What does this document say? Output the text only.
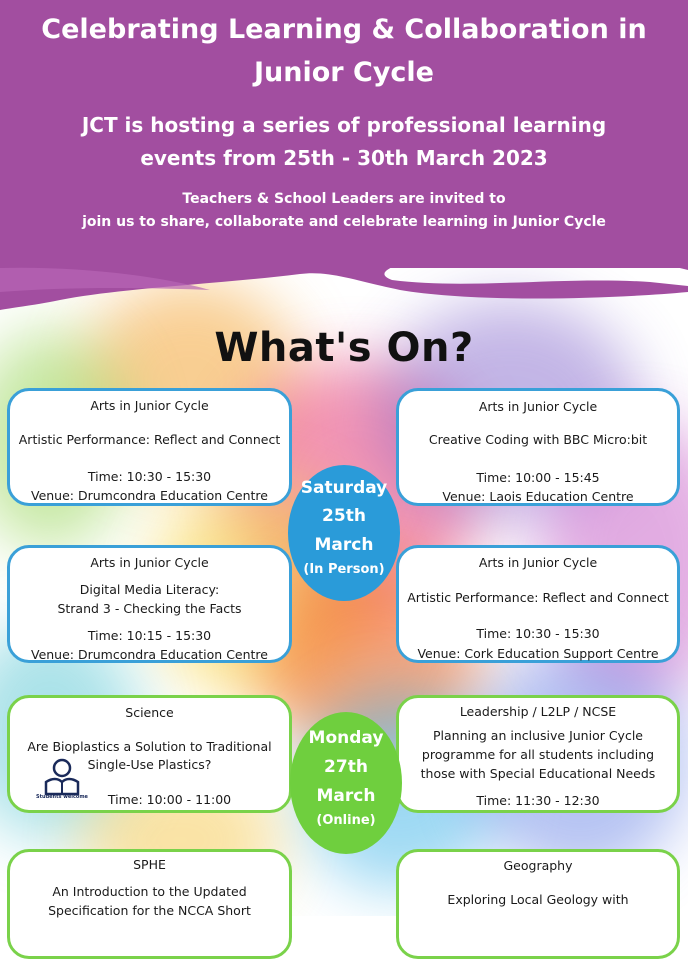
Celebrating Learning & Collaboration in
Junior Cycle
JCT is hosting a series of professional learning
events from 25th - 30th March 2023
Teachers & School Leaders are invited to
join us to share, collaborate and celebrate learning in Junior Cycle
What's On?
Arts in Junior Cycle
Artistic Performance: Reflect and Connect
Time: 10:30 - 15:30
Venue: Drumcondra Education Centre
Arts in Junior Cycle
Creative Coding with BBC Micro:bit
Time: 10:00 - 15:45
Venue: Laois Education Centre
Arts in Junior Cycle
Digital Media Literacy:
Strand 3 - Checking the Facts
Time: 10:15 - 15:30
Venue: Drumcondra Education Centre
Arts in Junior Cycle
Artistic Performance: Reflect and Connect
Time: 10:30 - 15:30
Venue: Cork Education Support Centre
Saturday
25th
March
(In Person)
Science
Are Bioplastics a Solution to Traditional
Single-Use Plastics?
Time: 10:00 - 11:00
Students welcome
Leadership / L2LP / NCSE
Planning an inclusive Junior Cycle
programme for all students including
those with Special Educational Needs
Time: 11:30 - 12:30
Monday
27th
March
(Online)
SPHE
An Introduction to the Updated
Specification for the NCCA Short
Geography
Exploring Local Geology with
